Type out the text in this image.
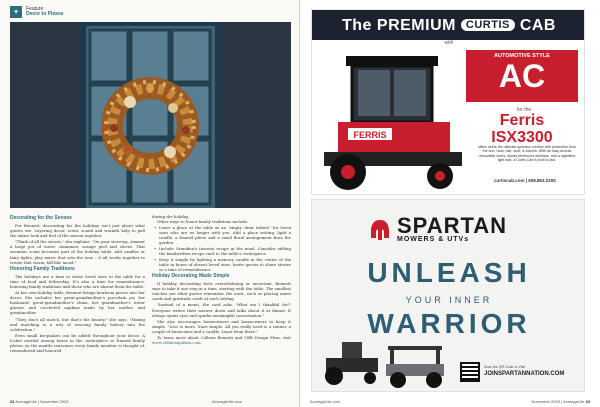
✦	Feature
Decor to Please
Decorating for the Senses
For Bennett, decorating for the holidays isn't just about what guests see. Layering decor, scent, sound and warmth help to pull the entire look and feel of the season together.
"Think of all the senses," she explains. "On your stovetop, simmer a large pot of water, cinnamon, orange peel and cloves. That aromatic scent becomes part of the holiday table. Add candles or fairy lights, play music that sets the tone – it all works together to create that warm, fall-like mood."
Honoring Family Traditions
The holidays are a time to invite loved ones to the table for a time of food and fellowship. It's also a time for remembrance, honoring family traditions and those who are absent from the table.
At her own holiday table, Bennett brings heirloom pieces into her decor. She includes her great-grandmother's porcelain jar, her husbands' great-grandmother's china, her grandmother's water glasses and crocheted napkins made by her mother and grandmother.
"They don't all match, but that's the beauty," she says. "Mixing and matching is a way of weaving family history into the celebration."
Even small keepsakes can be added throughout your decor. A locket nestled among boxes in the centerpiece or framed family photos on the mantle reassures every family member is thought of, remembered and honored
during the holiday.
Other ways to honor family traditions include:
• Leave a place at the table as an "empty chair tribute" for loved ones who are no longer with you. Add a place setting, light a candle, a framed photo and a small floral arrangement from the garden.
• Include Grandma's favorite recipe in the meal. Consider adding the handwritten recipe card to the table's centerpiece.
• Keep it simple by lighting a memory candle in the center of the table in honor of absent loved ones. Invite guests to share stories or a time of remembrance.
Holiday Decorating Made Simple
If holiday decorating feels overwhelming or uncertain, Bennett says to take it one step at a time, starting with the table. The smallest touches are what guests remember the most, such as placing name cards and gratitude cards at each setting.
"Instead of a menu, the card asks, 'What am I thankful for?' Everyone writes their answer down and talks about it at dinner. It always opens eyes and sparks meaningful conversation."
She also encourages homeowners and homeowners to keep it simple. "Less is more. Start simple. All you really need is a runner, a couple of hurricanes and a candle. Layer from there."
To learn more about Colleen Bennett and CBB Design Firm, visit www.cbbdesignfirm.com.
22 AcreageLife | November 2025	AcreageLife.com
The PREMIUM CURTIS CAB
with
FERRIS
AUTOMOTIVE STYLE
AC
for the
Ferris
ISX3300
offers users the ultimate operator comfort with protection from the sun, heat, rain, dust, & insects. With its easy access removable doors, sturdy reinforced windows, and a nighttime light add, a Curtis Cab is built to last.
curtiscab.com | 508.853.2200
SPARTAN
MOWERS & UTVs
UNLEASH
YOUR INNER
WARRIOR
Scan the QR Code or Visit
JOINSPARTANNATION.COM
AcreageLife.com	November 2025 | AcreageLife 23
